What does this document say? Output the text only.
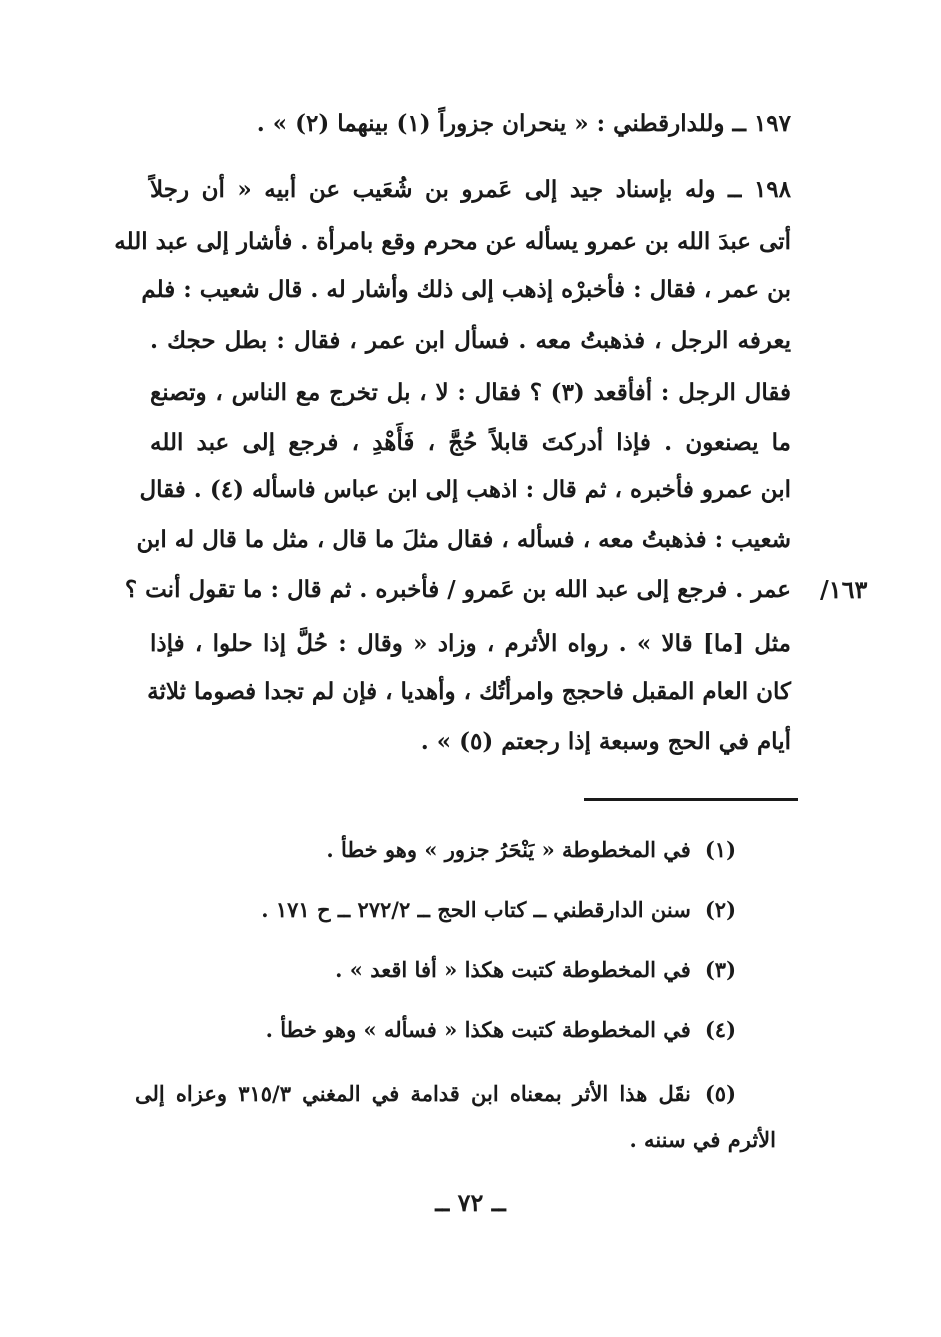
١٩٧ ــ وللدارقطني : « ينحران جزوراً (١) بينهما (٢) » .
١٩٨ ــ وله بإسناد جيد إلى عَمرو بن شُعَيب عن أبيه « أن رجلاً
أتى عبدَ الله بن عمرو يسأله عن محرم وقع بامرأة . فأشار إلى عبد الله
بن عمر ، فقال : فأخبرْه إذهب إلى ذلك وأشار له . قال شعيب : فلم
يعرفه الرجل ، فذهبتُ معه . فسأل ابن عمر ، فقال : بطل حجك .
فقال الرجل : أفأقعد (٣) ؟ فقال : لا ، بل تخرج مع الناس ، وتصنع
ما يصنعون . فإذا أدركتَ قابلاً حُجَّ ، فَأَهْدِ ، فرجع إلى عبد الله
ابن عمرو فأخبره ، ثم قال : اذهب إلى ابن عباس فاسأله (٤) . فقال
شعيب : فذهبتُ معه ، فسأله ، فقال مثلَ ما قال ، مثل ما قال له ابن
عمر . فرجع إلى عبد الله بن عَمرو / فأخبره . ثم قال : ما تقول أنت ؟
مثل [ما] قالا » . رواه الأثرم ، وزاد « وقال : حُلَّ إذا حلوا ، فإذا
كان العام المقبل فاحجج وامرأتُك ، وأهديا ، فإن لم تجدا فصوما ثلاثة
أيام في الحج وسبعة إذا رجعتم (٥) » .
١٦٣/
(١)في المخطوطة « يَنْحَرُ جزور » وهو خطأ .
(٢)سنن الدارقطني ــ كتاب الحج ــ ٢٧٢/٢ ــ ح ١٧١ .
(٣)في المخطوطة كتبت هكذا « أفا اقعد » .
(٤)في المخطوطة كتبت هكذا « فسأله » وهو خطأ .
(٥)نقَل هذا الأثر بمعناه ابن قدامة في المغني ٣١٥/٣ وعزاه إلى
الأثرم في سننه .
ــ ٧٢ ــ
